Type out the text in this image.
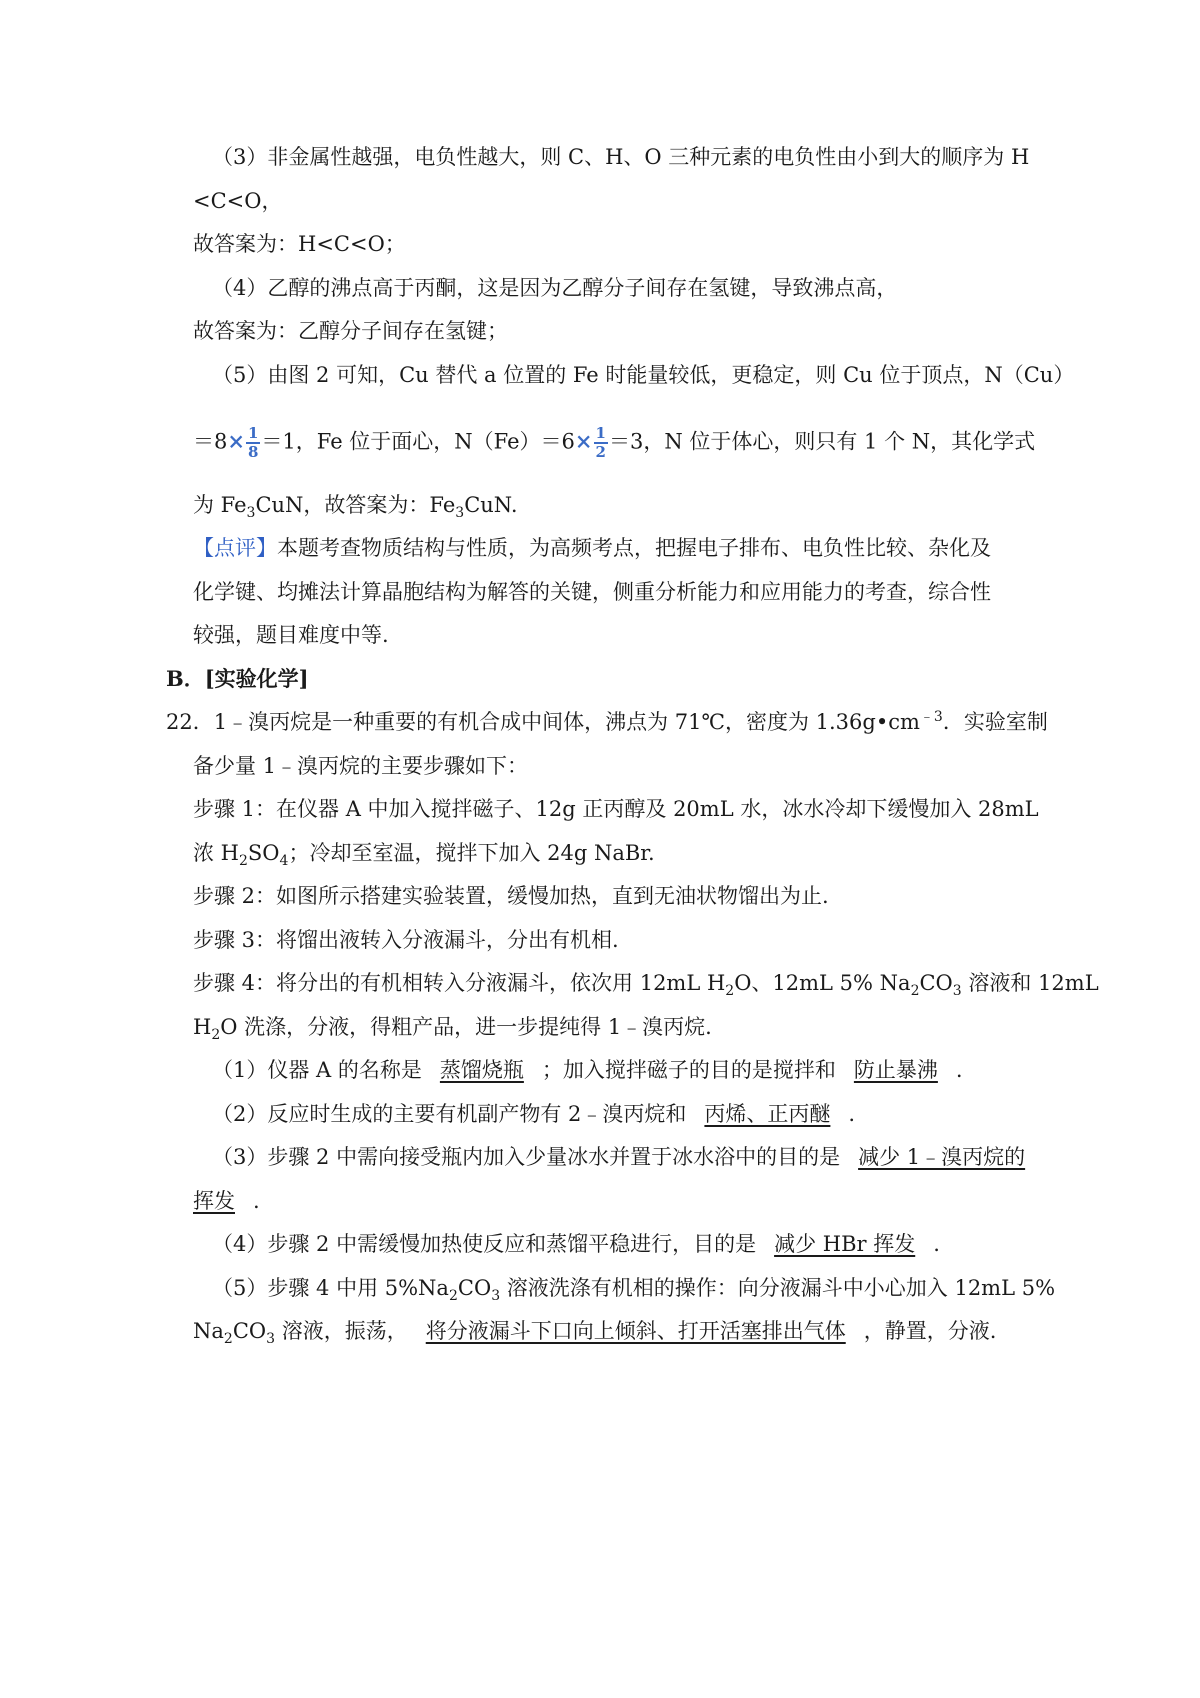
（3）非金属性越强，电负性越大，则 C、H、O 三种元素的电负性由小到大的顺序为 H
<C<O，
故答案为：H<C<O；
（4）乙醇的沸点高于丙酮，这是因为乙醇分子间存在氢键，导致沸点高，
故答案为：乙醇分子间存在氢键；
（5）由图 2 可知，Cu 替代 a 位置的 Fe 时能量较低，更稳定，则 Cu 位于顶点，N（Cu）
$=8\times \frac{1}{8} =1$，Fe 位于面心，$N(Fe)=6\times \frac{1}{2} =3$，N 位于体心，则只有 1 个 N，其化学式
为 $Fe_3CuN$，故答案为：$Fe_3CuN$.
【点评】本题考查物质结构与性质，为高频考点，把握电子排布、电负性比较、杂化及
化学键、均摊法计算晶胞结构为解答的关键，侧重分析能力和应用能力的考查，综合性
较强，题目难度中等.
B．[实验化学]
22．1﹣溴丙烷是一种重要的有机合成中间体，沸点为 71℃，密度为 $1.36g•cm^{﹣3}$．实验室制
备少量 1﹣溴丙烷的主要步骤如下：
步骤 1：在仪器 A 中加入搅拌磁子、12g 正丙醇及 20mL 水，冰水冷却下缓慢加入 28mL
浓 $H_2SO_4$；冷却至室温，搅拌下加入 24g NaBr.
步骤 2：如图所示搭建实验装置，缓慢加热，直到无油状物馏出为止.
步骤 3：将馏出液转入分液漏斗，分出有机相.
步骤 4：将分出的有机相转入分液漏斗，依次用 12mL $H_2O$、12mL 5% $Na_2CO_3$ 溶液和 12mL
$H_2O$ 洗涤，分液，得粗产品，进一步提纯得 1﹣溴丙烷.
（1）仪器 A 的名称是 蒸馏烧瓶 ；加入搅拌磁子的目的是搅拌和 防止暴沸 .
（2）反应时生成的主要有机副产物有 2﹣溴丙烷和 丙烯、正丙醚 .
（3）步骤 2 中需向接受瓶内加入少量冰水并置于冰水浴中的目的是 减少 1﹣溴丙烷的
挥发 .
（4）步骤 2 中需缓慢加热使反应和蒸馏平稳进行，目的是 减少 HBr 挥发 .
（5）步骤 4 中用 $5\%Na_2CO_3$ 溶液洗涤有机相的操作：向分液漏斗中小心加入 12mL 5%
$Na_2CO_3$ 溶液，振荡， 将分液漏斗下口向上倾斜、打开活塞排出气体 ，静置，分液.
